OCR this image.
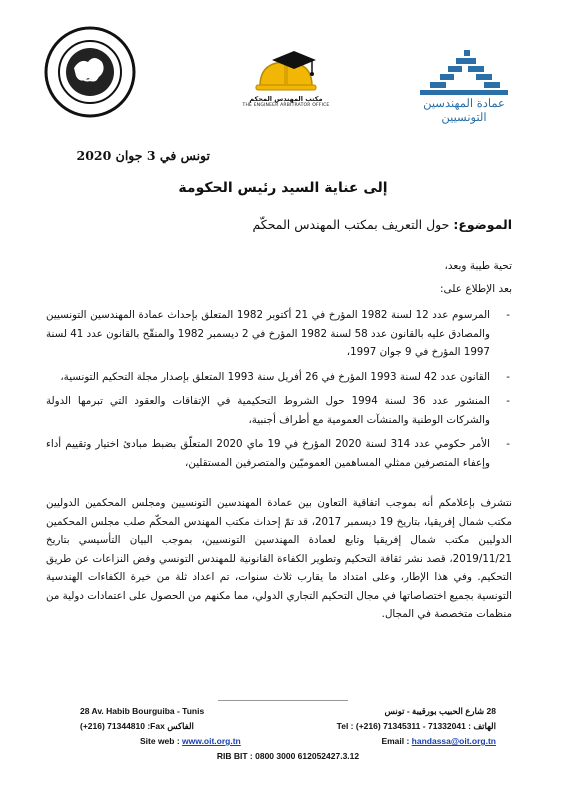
مكتب المهندس المحكم
THE ENGINEER ARBITRATOR OFFICE	عمادة المهندسين التونسيين
تونس في 3 جوان 2020
إلى عناية السيد رئيس الحكومة
الموضوع: حول التعريف بمكتب المهندس المحكّم
تحية طيبة وبعد،
بعد الإطلاع على:
-
المرسوم عدد 12 لسنة 1982 المؤرخ في 21 أكتوبر 1982 المتعلق بإحداث عمادة المهندسين التونسيين والمصادق عليه بالقانون عدد 58 لسنة 1982 المؤرخ في 2 ديسمبر 1982 والمنقّح بالقانون عدد 41 لسنة 1997 المؤرخ في 9 جوان 1997،
-
القانون عدد 42 لسنة 1993 المؤرخ في 26 أفريل سنة 1993 المتعلق بإصدار مجلة التحكيم التونسية،
-
المنشور عدد 36 لسنة 1994 حول الشروط التحكيمية في الإتفاقات والعقود التي تبرمها الدولة والشركات الوطنية والمنشآت العمومية مع أطراف أجنبية،
-
الأمر حكومي عدد 314 لسنة 2020 المؤرخ في 19 ماي 2020 المتعلّق بضبط مبادئ اختيار وتقييم أداء وإعفاء المتصرفين ممثلي المساهمين العموميّين والمتصرفين المستقلين،

نتشرف بإعلامكم أنه بموجب اتفاقية التعاون بين عمادة المهندسين التونسيين ومجلس المحكمين الدوليين مكتب شمال إفريقيا، بتاريخ 19 ديسمبر 2017، قد تمّ إحداث مكتب المهندس المحكّم صلب مجلس المحكمين الدوليين مكتب شمال إفريقيا وتابع لعمادة المهندسين التونسيين، بموجب البيان التأسيسي بتاريخ 2019/11/21، قصد نشر ثقافة التحكيم وتطوير الكفاءة القانونية للمهندس التونسي وفض النزاعات عن طريق التحكيم. وفي هذا الإطار، وعلى امتداد ما يقارب ثلاث سنوات، تم اعداد ثلة من خيرة الكفاءات الهندسية التونسية بجميع اختصاصاتها في مجال التحكيم التجاري الدولي، مما مكنهم من الحصول على اعتمادات دولية من منظمات متخصصة في المجال.

28 Av. Habib Bourguiba - Tunis	28 شارع الحبيب بورقيبة - تونس
(+216) 71344810 :Fax الفاكس	الهاتف : 71332041 - 71345311 (216+) : Tel
Site web : www.oit.org.tn	Email : handassa@oit.org.tn
RIB BIT : 0800 3000 612052427.3.12
